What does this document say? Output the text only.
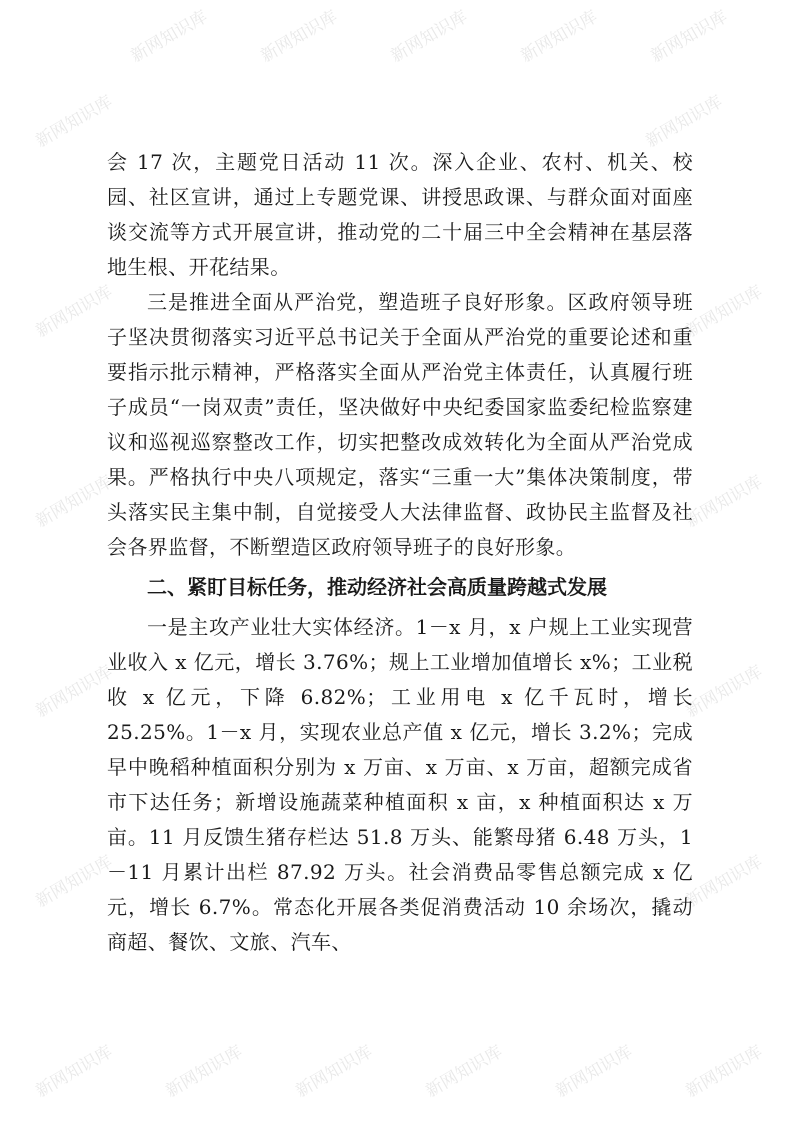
新网知识库	新网知识库	新网知识库	新网知识库	新网知识库
新网知识库	新网知识库
新网知识库	新网知识库
新网知识库	新网知识库
新网知识库	新网知识库
新网知识库	新网知识库
新网知识库	新网知识库	新网知识库	新网知识库	新网知识库	新网知识库

会 17 次，主题党日活动 11 次。深入企业、农村、机关、校园、社区宣讲，通过上专题党课、讲授思政课、与群众面对面座谈交流等方式开展宣讲，推动党的二十届三中全会精神在基层落地生根、开花结果。

三是推进全面从严治党，塑造班子良好形象。区政府领导班子坚决贯彻落实习近平总书记关于全面从严治党的重要论述和重要指示批示精神，严格落实全面从严治党主体责任，认真履行班子成员“一岗双责”责任，坚决做好中央纪委国家监委纪检监察建议和巡视巡察整改工作，切实把整改成效转化为全面从严治党成果。严格执行中央八项规定，落实“三重一大”集体决策制度，带头落实民主集中制，自觉接受人大法律监督、政协民主监督及社会各界监督，不断塑造区政府领导班子的良好形象。

二、紧盯目标任务，推动经济社会高质量跨越式发展

一是主攻产业壮大实体经济。1－x 月，x 户规上工业实现营业收入 x 亿元，增长 3.76%；规上工业增加值增长 x%；工业税收 x 亿元，下降 6.82%；工业用电 x 亿千瓦时，增长 25.25%。1－x 月，实现农业总产值 x 亿元，增长 3.2%；完成早中晚稻种植面积分别为 x 万亩、x 万亩、x 万亩，超额完成省市下达任务；新增设施蔬菜种植面积 x 亩，x 种植面积达 x 万亩。11 月反馈生猪存栏达 51.8 万头、能繁母猪 6.48 万头，1－11 月累计出栏 87.92 万头。社会消费品零售总额完成 x 亿元，增长 6.7%。常态化开展各类促消费活动 10 余场次，撬动商超、餐饮、文旅、汽车、
